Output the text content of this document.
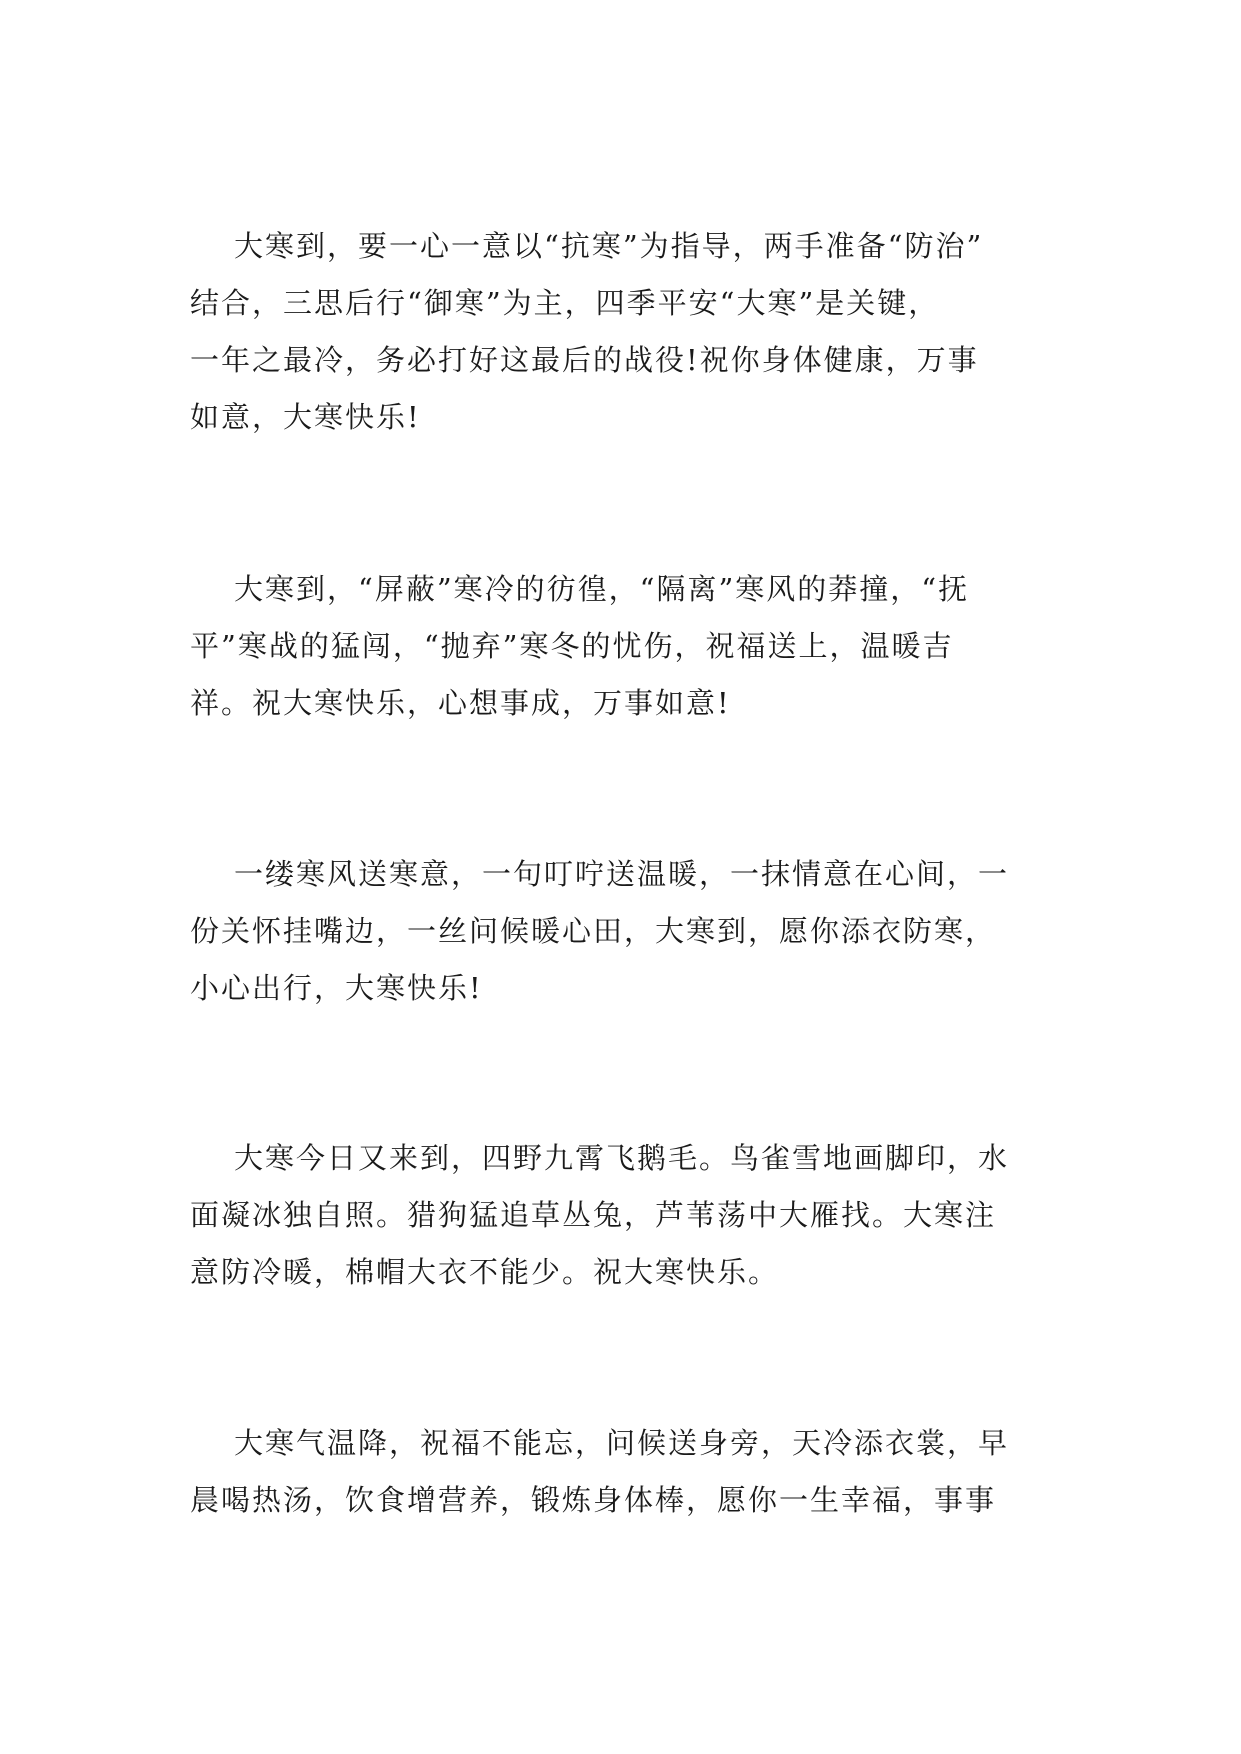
大寒到，要一心一意以“抗寒”为指导，两手准备“防治”
结合，三思后行“御寒”为主，四季平安“大寒”是关键，
一年之最冷，务必打好这最后的战役!祝你身体健康，万事
如意，大寒快乐!
大寒到，“屏蔽”寒冷的彷徨，“隔离”寒风的莽撞，“抚
平”寒战的猛闯，“抛弃”寒冬的忧伤，祝福送上，温暖吉
祥。祝大寒快乐，心想事成，万事如意!
一缕寒风送寒意，一句叮咛送温暖，一抹情意在心间，一
份关怀挂嘴边，一丝问候暖心田，大寒到，愿你添衣防寒，
小心出行，大寒快乐!
大寒今日又来到，四野九霄飞鹅毛。鸟雀雪地画脚印，水
面凝冰独自照。猎狗猛追草丛兔，芦苇荡中大雁找。大寒注
意防冷暖，棉帽大衣不能少。祝大寒快乐。
大寒气温降，祝福不能忘，问候送身旁，天冷添衣裳，早
晨喝热汤，饮食增营养，锻炼身体棒，愿你一生幸福，事事
